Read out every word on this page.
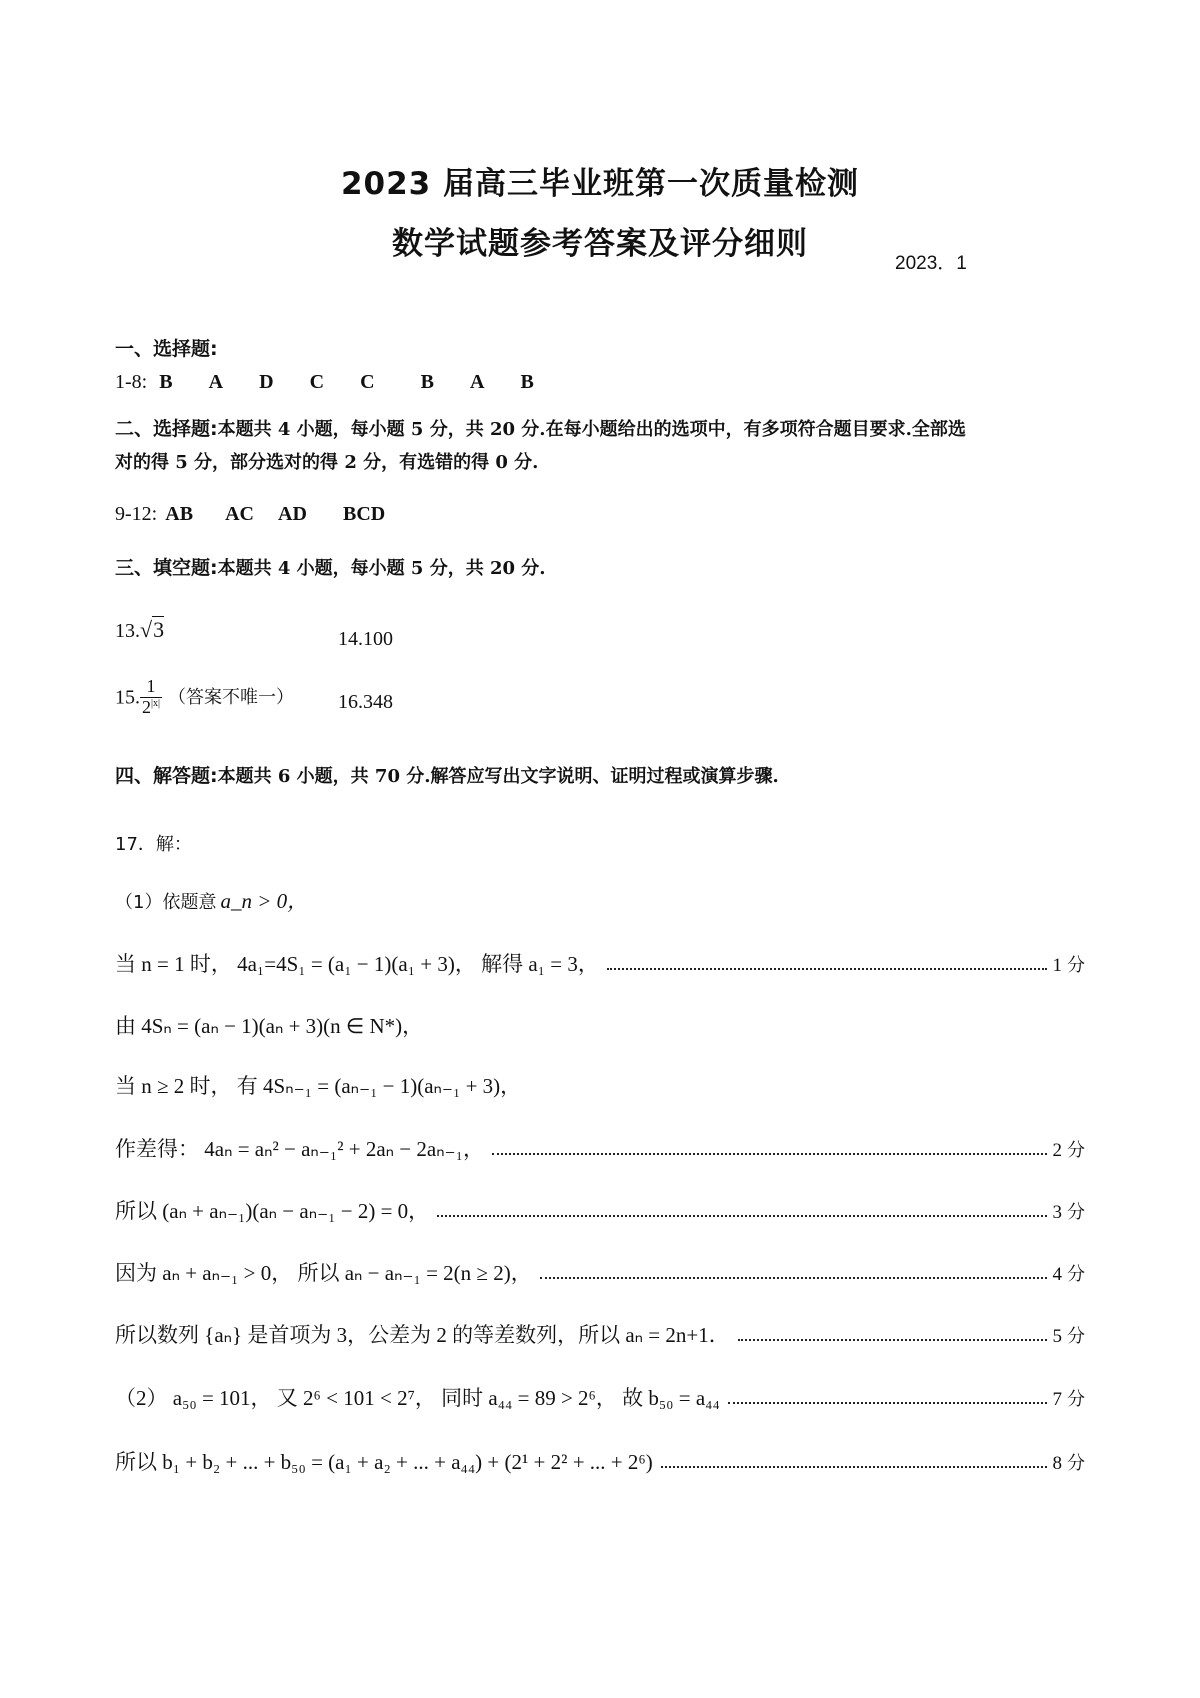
2023 届高三毕业班第一次质量检测
数学试题参考答案及评分细则
2023．1
一、选择题:
1-8: B A D C C B A B
二、选择题:本题共 4 小题，每小题 5 分，共 20 分.在每小题给出的选项中，有多项符合题目要求.全部选
对的得 5 分，部分选对的得 2 分，有选错的得 0 分.
9-12: AB AC AD BCD
三、填空题:本题共 4 小题，每小题 5 分，共 20 分.
13.√3	14.100
15. $\frac{1}{2^{|x|}}$ （答案不唯一） 16.348
四、解答题:本题共 6 小题，共 70 分.解答应写出文字说明、证明过程或演算步骤.
17．解：
（1）依题意 a_n > 0，
当 n = 1 时， 4a₁=4S₁ = (a₁ − 1)(a₁ + 3)， 解得 a₁ = 3，	1 分
由 4Sₙ = (aₙ − 1)(aₙ + 3)(n ∈ N*)，
当 n ≥ 2 时， 有 4Sₙ₋₁ = (aₙ₋₁ − 1)(aₙ₋₁ + 3)，
作差得： 4aₙ = aₙ² − aₙ₋₁² + 2aₙ − 2aₙ₋₁，	2 分
所以 (aₙ + aₙ₋₁)(aₙ − aₙ₋₁ − 2) = 0，	3 分
因为 aₙ + aₙ₋₁ > 0， 所以 aₙ − aₙ₋₁ = 2(n ≥ 2)，	4 分
所以数列 {aₙ} 是首项为 3，公差为 2 的等差数列，所以 aₙ = 2n+1．	5 分
（2） a₅₀ = 101， 又 2⁶ < 101 < 2⁷， 同时 a₄₄ = 89 > 2⁶， 故 b₅₀ = a₄₄	7 分
所以 b₁ + b₂ + ... + b₅₀ = (a₁ + a₂ + ... + a₄₄) + (2¹ + 2² + ... + 2⁶)	8 分
